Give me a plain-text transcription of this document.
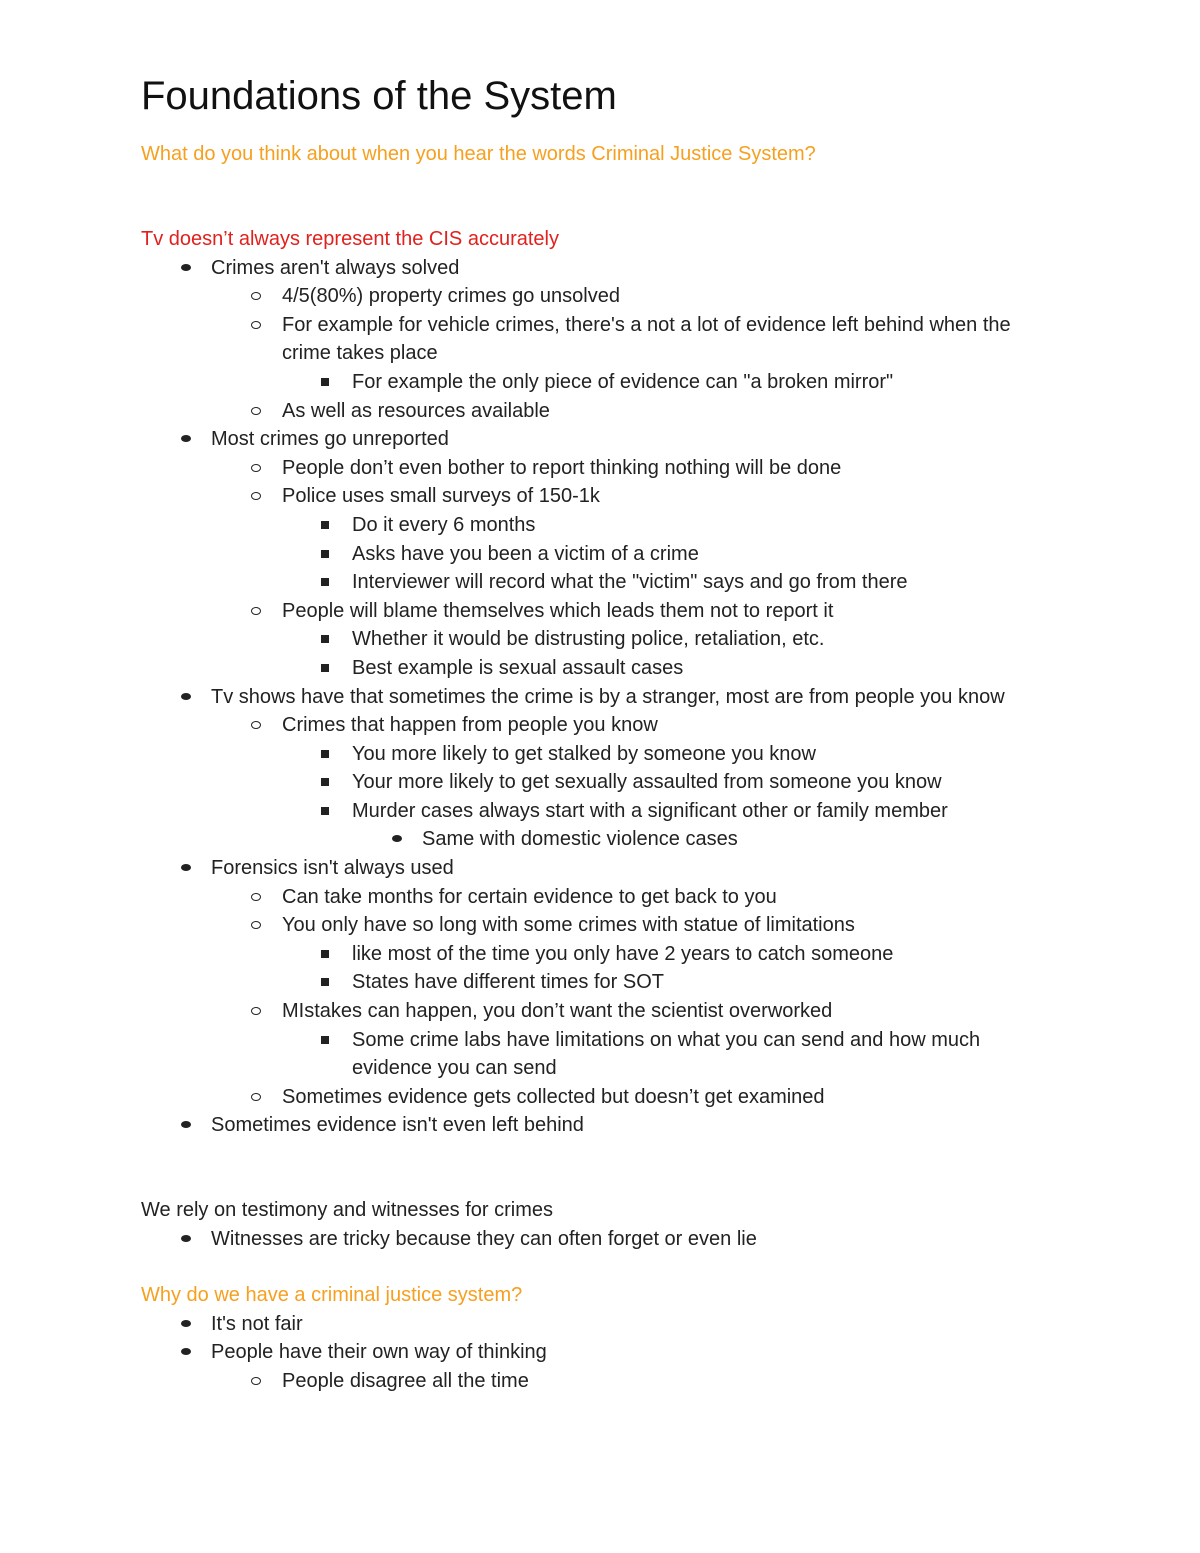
Foundations of the System

What do you think about when you hear the words Criminal Justice System?

Tv doesn’t always represent the CIS accurately

Crimes aren't always solved
4/5(80%) property crimes go unsolved
For example for vehicle crimes, there's a not a lot of evidence left behind when the crime takes place
For example the only piece of evidence can "a broken mirror"
As well as resources available
Most crimes go unreported
People don’t even bother to report thinking nothing will be done
Police uses small surveys of 150-1k
Do it every 6 months
Asks have you been a victim of a crime
Interviewer will record what the "victim" says and go from there
People will blame themselves which leads them not to report it
Whether it would be distrusting police, retaliation, etc.
Best example is sexual assault cases
Tv shows have that sometimes the crime is by a stranger, most are from people you know
Crimes that happen from people you know
You more likely to get stalked by someone you know
Your more likely to get sexually assaulted from someone you know
Murder cases always start with a significant other or family member
Same with domestic violence cases
Forensics isn't always used
Can take months for certain evidence to get back to you
You only have so long with some crimes with statue of limitations
like most of the time you only have 2 years to catch someone
States have different times for SOT
MIstakes can happen, you don’t want the scientist overworked
Some crime labs have limitations on what you can send and how much evidence you can send
Sometimes evidence gets collected but doesn’t get examined
Sometimes evidence isn't even left behind

We rely on testimony and witnesses for crimes

Witnesses are tricky because they can often forget or even lie

Why do we have a criminal justice system?

It's not fair
People have their own way of thinking
People disagree all the time
